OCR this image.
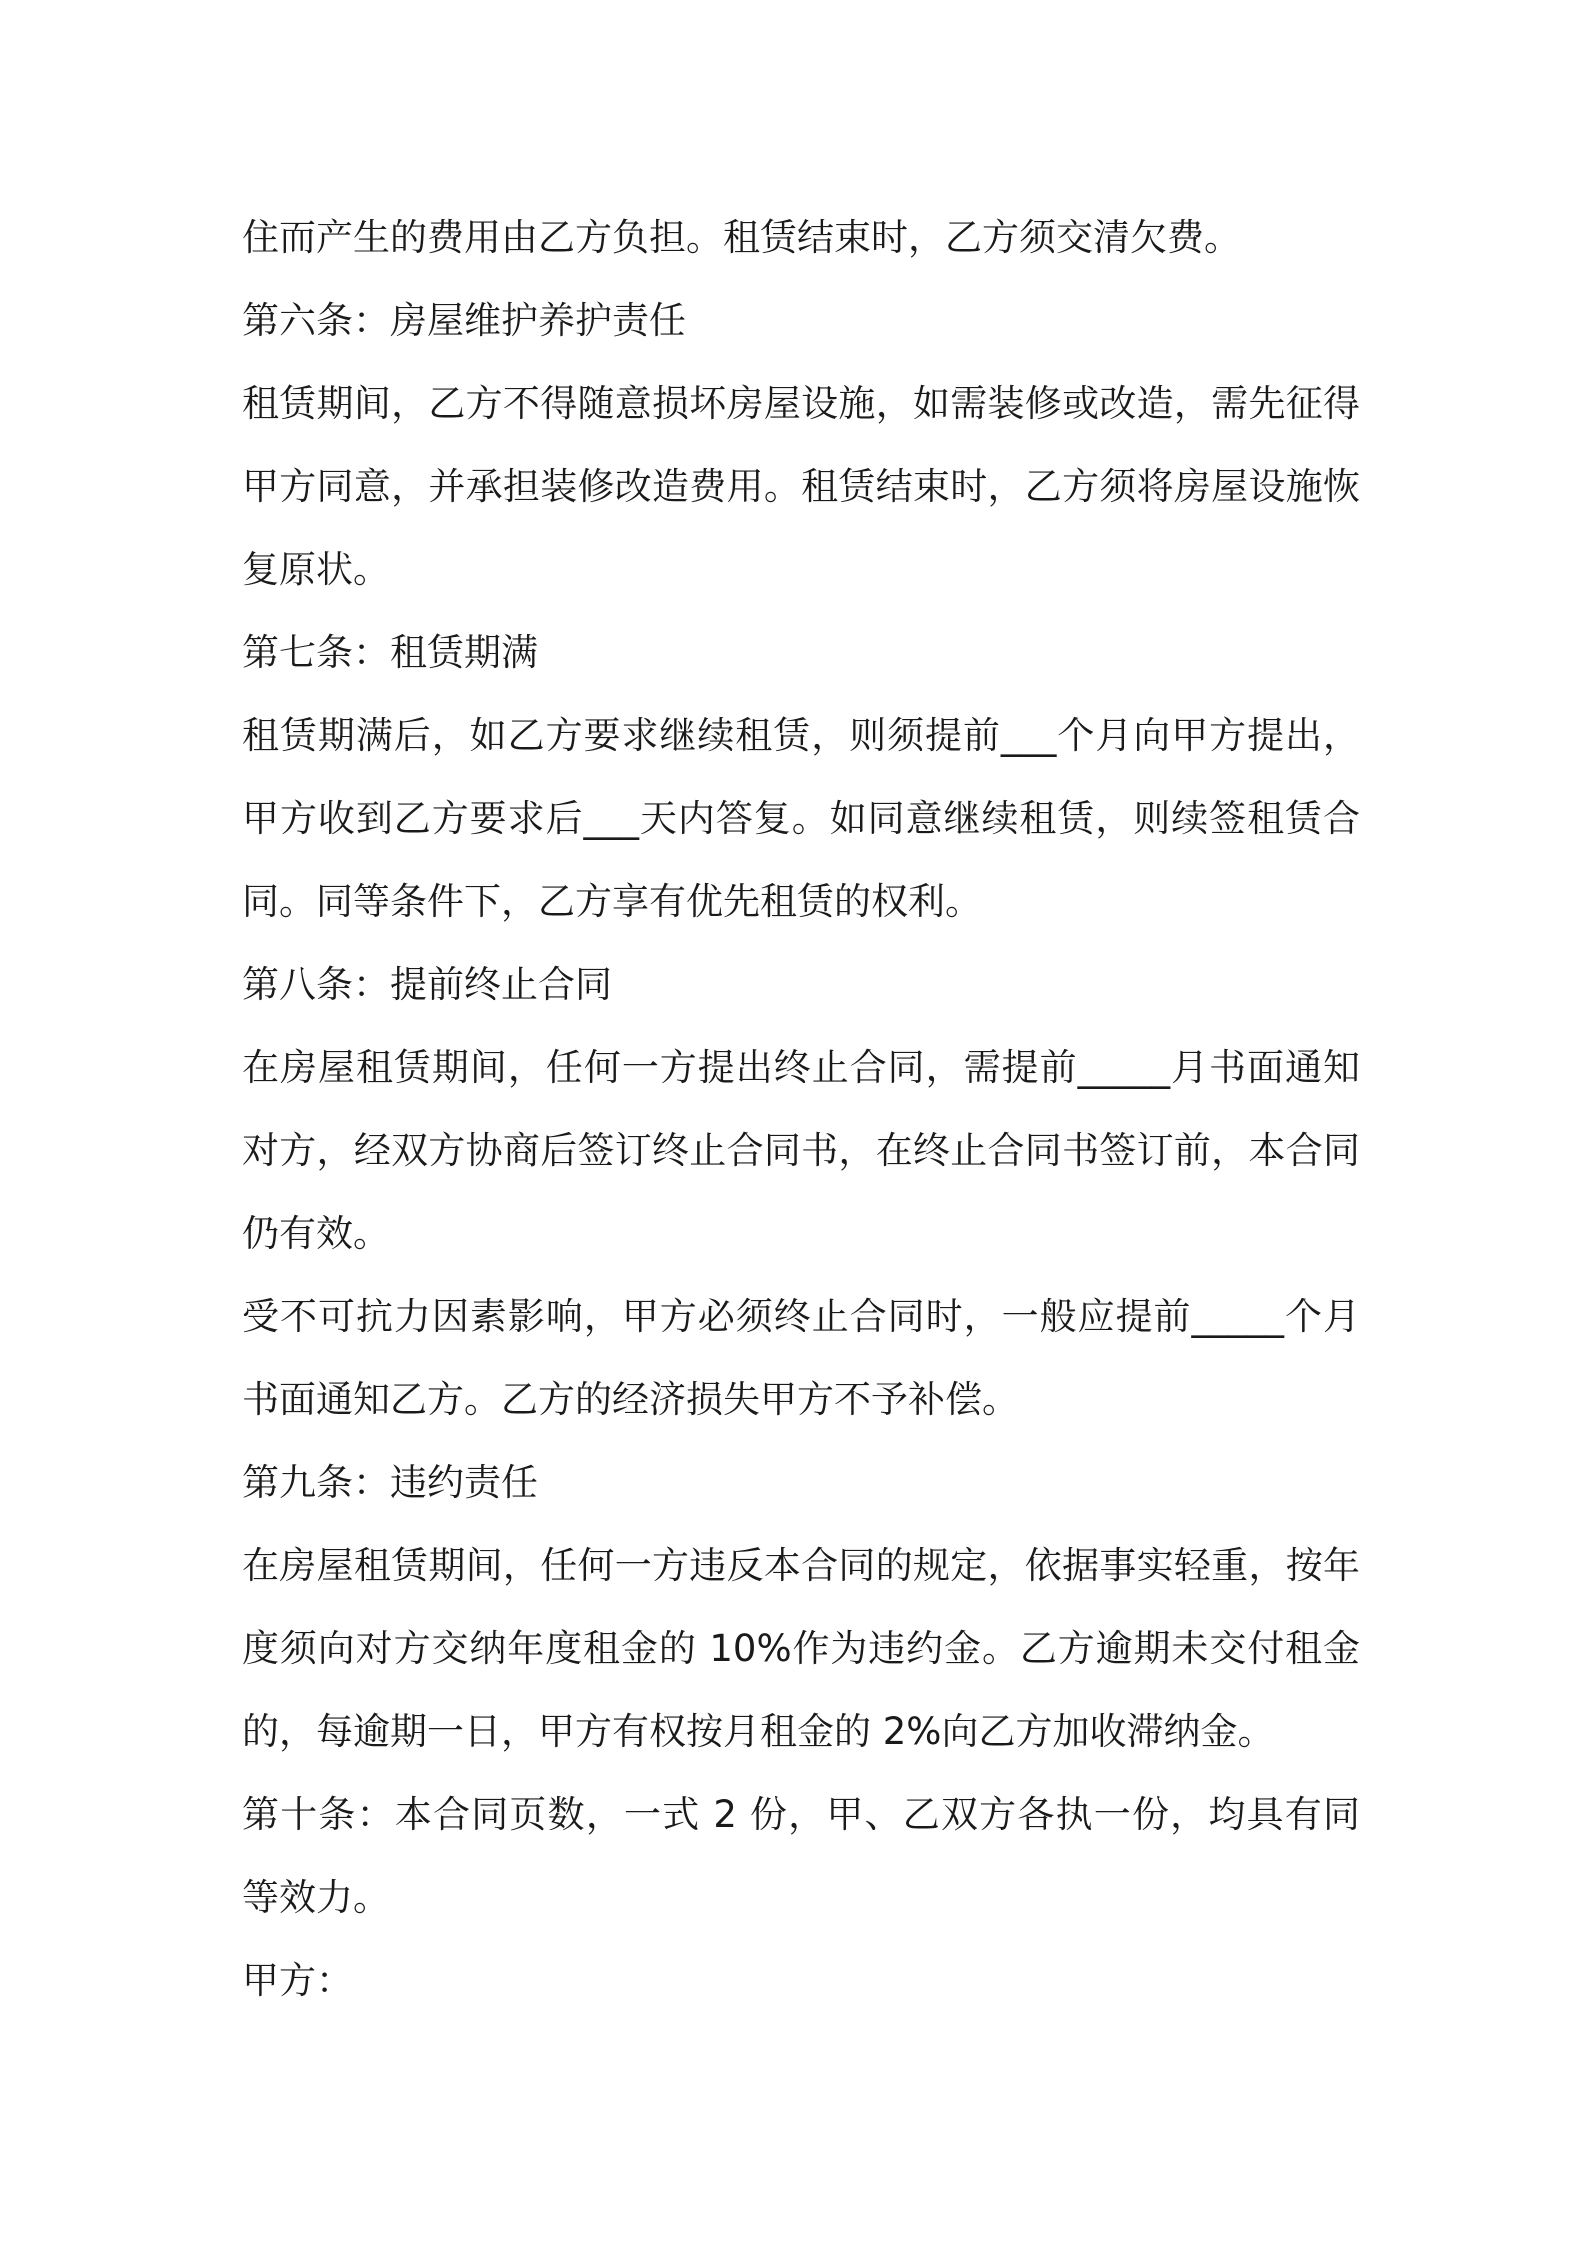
住而产生的费用由乙方负担。租赁结束时，乙方须交清欠费。

第六条：房屋维护养护责任

租赁期间，乙方不得随意损坏房屋设施，如需装修或改造，需先征得甲方同意，并承担装修改造费用。租赁结束时，乙方须将房屋设施恢复原状。

第七条：租赁期满

租赁期满后，如乙方要求继续租赁，则须提前___个月向甲方提出，甲方收到乙方要求后___天内答复。如同意继续租赁，则续签租赁合同。同等条件下，乙方享有优先租赁的权利。

第八条：提前终止合同

在房屋租赁期间，任何一方提出终止合同，需提前_____月书面通知对方，经双方协商后签订终止合同书，在终止合同书签订前，本合同仍有效。

受不可抗力因素影响，甲方必须终止合同时，一般应提前_____个月书面通知乙方。乙方的经济损失甲方不予补偿。

第九条：违约责任

在房屋租赁期间，任何一方违反本合同的规定，依据事实轻重，按年度须向对方交纳年度租金的 10%作为违约金。乙方逾期未交付租金的，每逾期一日，甲方有权按月租金的 2%向乙方加收滞纳金。

第十条：本合同页数，一式 2 份，甲、乙双方各执一份，均具有同等效力。

甲方：
